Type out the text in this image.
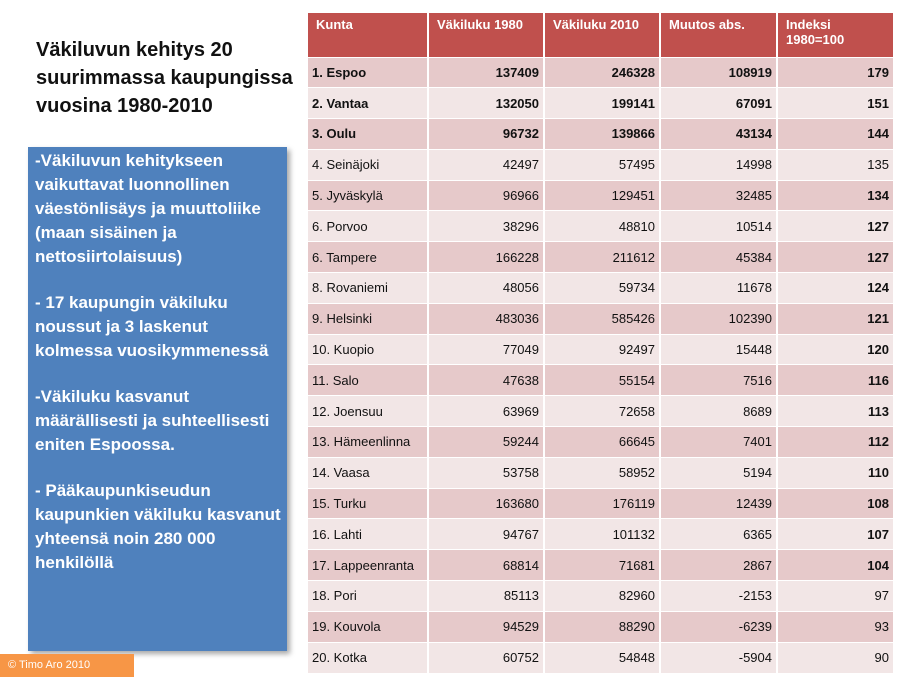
Väkiluvun kehitys 20 suurimmassa kaupungissa vuosina 1980-2010

-Väkiluvun kehitykseen vaikuttavat luonnollinen väestönlisäys ja muuttoliike (maan sisäinen ja nettosiirtolaisuus)

- 17 kaupungin väkiluku noussut ja 3 laskenut kolmessa vuosikymmenessä

-Väkiluku kasvanut määrällisesti ja suhteellisesti eniten Espoossa.

- Pääkaupunkiseudun kaupunkien väkiluku kasvanut yhteensä noin 280 000 henkilöllä

© Timo Aro 2010
Kunta	Väkiluku 1980	Väkiluku 2010	Muutos abs.	Indeksi 1980=100
1. Espoo	137409	246328	108919	179
2. Vantaa	132050	199141	67091	151
3. Oulu	96732	139866	43134	144
4. Seinäjoki	42497	57495	14998	135
5. Jyväskylä	96966	129451	32485	134
6. Porvoo	38296	48810	10514	127
6. Tampere	166228	211612	45384	127
8. Rovaniemi	48056	59734	11678	124
9. Helsinki	483036	585426	102390	121
10. Kuopio	77049	92497	15448	120
11. Salo	47638	55154	7516	116
12. Joensuu	63969	72658	8689	113
13. Hämeenlinna	59244	66645	7401	112
14. Vaasa	53758	58952	5194	110
15. Turku	163680	176119	12439	108
16. Lahti	94767	101132	6365	107
17. Lappeenranta	68814	71681	2867	104
18. Pori	85113	82960	-2153	97
19. Kouvola	94529	88290	-6239	93
20. Kotka	60752	54848	-5904	90
